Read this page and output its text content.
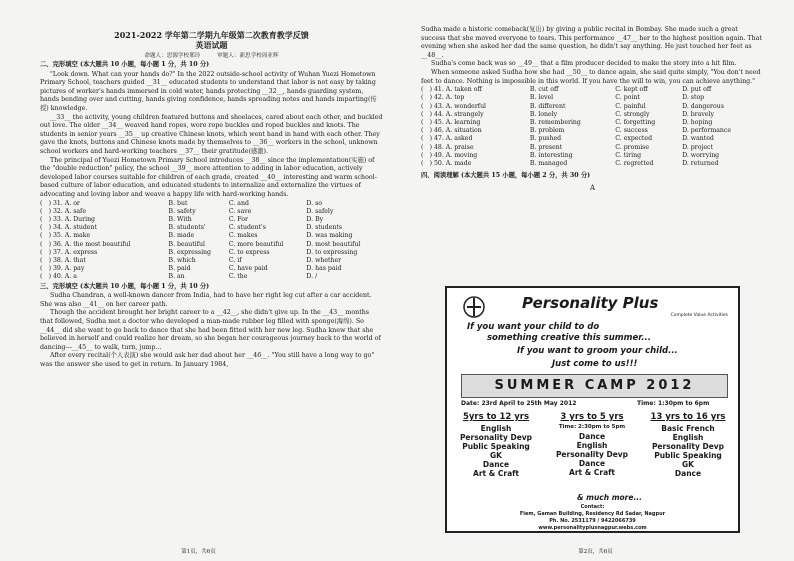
2021-2022 学年第二学期九年级第二次教育教学反馈

英语试题

命题人：思源学校邢玲　　　审题人：新思学校周亚辉

二、完形填空 (本大题共 10 小题，每小题 1 分，共 10 分)

"Look down. What can your hands do?" In the 2022 outside-school activity of Wuhan Yuezi Hometown Primary School, teachers guided __31__ educated students to understand that labor is not easy by taking pictures of worker's hands immersed in cold water, hands protecting __32__, hands guarding system, hands bending over and cutting, hands giving confidence, hands spreading notes and hands imparting(传授) knowledge.

__33__ the activity, young children featured buttons and shoelaces, cared about each other, and buckled out love. The older __34__ weaved hand ropes, wore rope buckles and roped buckles and knots. The students in senior years __35__ up creative Chinese knots, which went hand in hand with each other. They gave the knots, buttons and Chinese knots made by themselves to __36__ workers in the school, unknown school workers and hard-working teachers __37__ their gratitude(感激).

The principal of Yuezi Hometown Primary School introduces __38__ since the implementation(实施) of the "double reduction" policy, the school __39__ more attention to adding in labor education, actively developed labor courses suitable for children of each grade, created __40__ interesting and warm school-based culture of labor education, and educated students to internalize and externalize the virtues of advocating and loving labor and weave a happy life with hard-working hands.

(　) 31. A. or	B. but	C. and	D. so
(　) 32. A. safe	B. safety	C. save	D. safely
(　) 33. A. During	B. With	C. For	D. By
(　) 34. A. student	B. students'	C. student's	D. students
(　) 35. A. make	B. made	C. makes	D. was making
(　) 36. A. the most beautiful	B. beautiful	C. more beautiful	D. most beautiful
(　) 37. A. express	B. expressing	C. to express	D. to expressing
(　) 38. A. that	B. which	C. if	D. whether
(　) 39. A. pay	B. paid	C. have paid	D. has paid
(　) 40. A. a	B. an	C. the	D. /

三、完形填空 (本大题共 10 小题，每小题 1 分，共 10 分)

Sudha Chandran, a well-known dancer from India, had to have her right leg cut after a car accident. She was also __41__ on her career path.

Though the accident brought her bright career to a __42__, she didn't give up. In the __43__ months that followed, Sudha met a doctor who developed a man-made rubber leg filled with sponge(海绵). So __44__ did she want to go back to dance that she had been fitted with her new leg. Sudha knew that she believed in herself and could realize her dream, so she began her courageous journey back to the world of dancing---__45__ to walk, turn, jump...

After every recital(个人表演) she would ask her dad about her __46__. "You still have a long way to go" was the answer she used to get in return. In January 1984,

第1页，共6页

Sudha made a historic comeback(复出) by giving a public recital in Bombay. She made such a great success that she moved everyone to tears. This performance __47__ her to the highest position again. That evening when she asked her dad the same question, he didn't say anything. He just touched her feet as __48__.

Sudha's come back was so __49__ that a film producer decided to make the story into a hit film.

When someone asked Sudha how she had __50__ to dance again, she said quite simply, "You don't need feet to dance. Nothing is impossible in this world. If you have the will to win, you can achieve anything."

(　) 41. A. taken off	B. cut off	C. kept off	D. put off
(　) 42. A. top	B. level	C. point	D. stop
(　) 43. A. wonderful	B. different	C. painful	D. dangerous
(　) 44. A. strangely	B. lonely	C. strongly	D. bravely
(　) 45. A. learning	B. remembering	C. forgetting	D. hoping
(　) 46. A. situation	B. problem	C. success	D. performance
(　) 47. A. asked	B. pushed	C. expected	D. wanted
(　) 48. A. praise	B. present	C. promise	D. project
(　) 49. A. moving	B. interesting	C. tiring	D. worrying
(　) 50. A. made	B. managed	C. regretted	D. returned

四、阅读理解 (本大题共 15 小题，每小题 2 分，共 30 分)

A

第2页，共6页
Personality Plus
Complete Value Activities
If you want your child to do
something creative this summer...
If you want to groom your child...
Just come to us!!!
SUMMER CAMP 2012
Date: 23rd April to 25th May 2012	Time: 1:30pm to 6pm
5yrs to 12 yrs
English
Personality Devp
Public Speaking
GK
Dance
Art & Craft
3 yrs to 5 yrs
Time: 2:30pm to 5pm
Dance
English
Personality Devp
Dance
Art & Craft
13 yrs to 16 yrs
Basic French
English
Personality Devp
Public Speaking
GK
Dance
& much more...
Contact:
Fiem, Gaman Building, Residency Rd Sadar, Nagpur
Ph. No. 2531179 / 9422066739
www.personalityplusnagpur.webs.com
